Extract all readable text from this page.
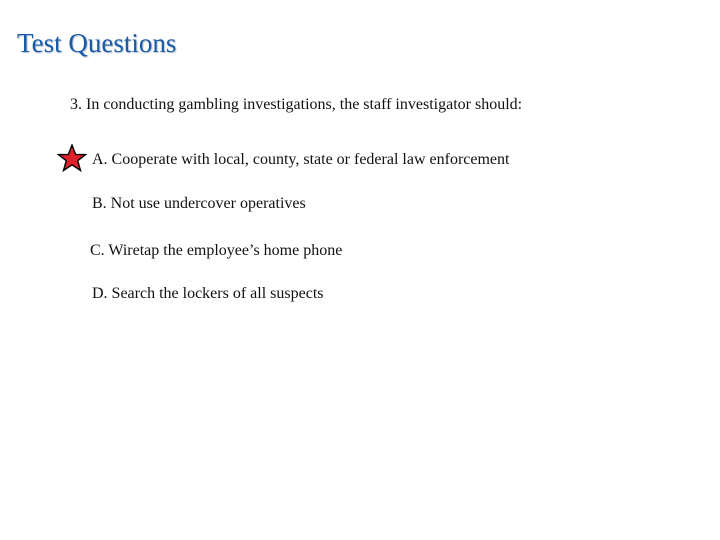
Test Questions
3. In conducting gambling investigations, the staff investigator should:
A. Cooperate with local, county, state or federal law enforcement
B. Not use undercover operatives
C. Wiretap the employee’s home phone
D. Search the lockers of all suspects
